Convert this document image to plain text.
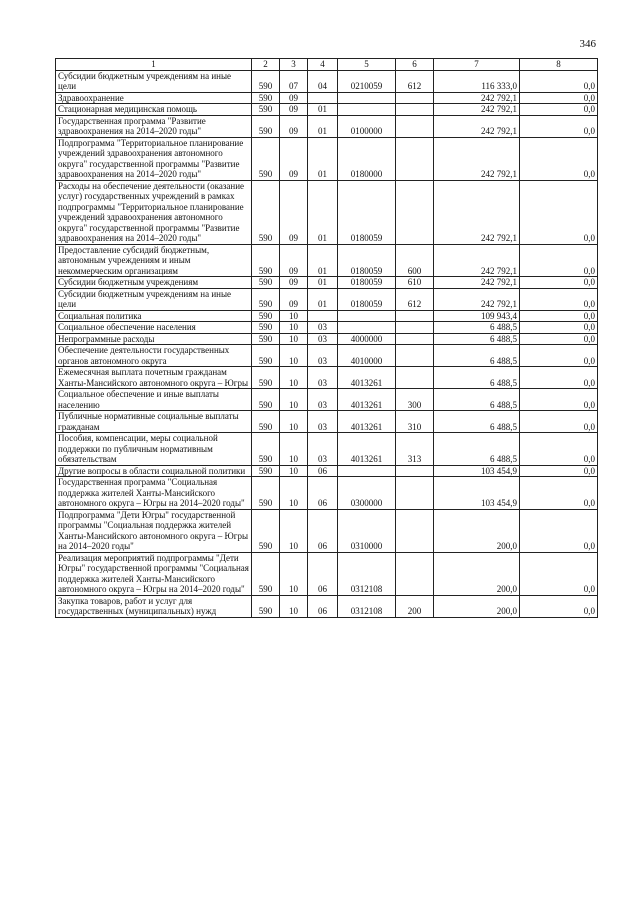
346
1	2	3	4	5	6	7	8
Субсидии бюджетным учреждениям на иные цели	590	07	04	0210059	612	116 333,0	0,0
Здравоохранение	590	09				242 792,1	0,0
Стационарная медицинская помощь	590	09	01			242 792,1	0,0
Государственная программа "Развитие здравоохранения на 2014–2020 годы"	590	09	01	0100000		242 792,1	0,0
Подпрограмма "Территориальное планирование учреждений здравоохранения автономного округа" государственной программы "Развитие здравоохранения на 2014–2020 годы"	590	09	01	0180000		242 792,1	0,0
Расходы на обеспечение деятельности (оказание услуг) государственных учреждений в рамках подпрограммы "Территориальное планирование учреждений здравоохранения автономного округа" государственной программы "Развитие здравоохранения на 2014–2020 годы"	590	09	01	0180059		242 792,1	0,0
Предоставление субсидий бюджетным, автономным учреждениям и иным некоммерческим организациям	590	09	01	0180059	600	242 792,1	0,0
Субсидии бюджетным учреждениям	590	09	01	0180059	610	242 792,1	0,0
Субсидии бюджетным учреждениям на иные цели	590	09	01	0180059	612	242 792,1	0,0
Социальная политика	590	10				109 943,4	0,0
Социальное обеспечение населения	590	10	03			6 488,5	0,0
Непрограммные расходы	590	10	03	4000000		6 488,5	0,0
Обеспечение деятельности государственных органов автономного округа	590	10	03	4010000		6 488,5	0,0
Ежемесячная выплата почетным гражданам Ханты-Мансийского автономного округа – Югры	590	10	03	4013261		6 488,5	0,0
Социальное обеспечение и иные выплаты населению	590	10	03	4013261	300	6 488,5	0,0
Публичные нормативные социальные выплаты гражданам	590	10	03	4013261	310	6 488,5	0,0
Пособия, компенсации, меры социальной поддержки по публичным нормативным обязательствам	590	10	03	4013261	313	6 488,5	0,0
Другие вопросы в области социальной политики	590	10	06			103 454,9	0,0
Государственная программа "Социальная поддержка жителей Ханты-Мансийского автономного округа – Югры на 2014–2020 годы"	590	10	06	0300000		103 454,9	0,0
Подпрограмма "Дети Югры" государственной программы "Социальная поддержка жителей Ханты-Мансийского автономного округа – Югры на 2014–2020 годы"	590	10	06	0310000		200,0	0,0
Реализация мероприятий подпрограммы "Дети Югры" государственной программы "Социальная поддержка жителей Ханты-Мансийского автономного округа – Югры на 2014–2020 годы"	590	10	06	0312108		200,0	0,0
Закупка товаров, работ и услуг для государственных (муниципальных) нужд	590	10	06	0312108	200	200,0	0,0
